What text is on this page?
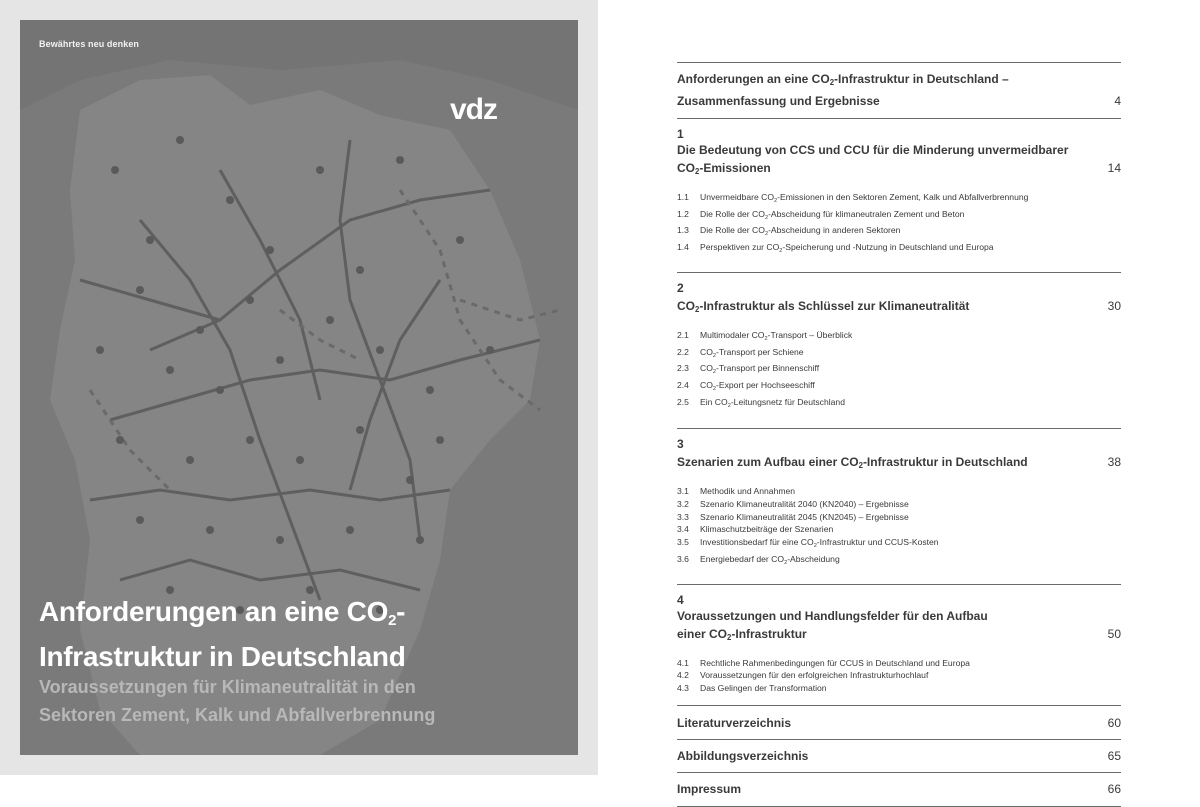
Bewährtes neu denken
vdz
Anforderungen an eine $CO_2-$
Infrastruktur in Deutschland
Voraussetzungen für Klimaneutralität in den
Sektoren Zement, Kalk und Abfallverbrennung
Anforderungen an eine $CO_2$-Infrastruktur in Deutschland –
Zusammenfassung und Ergebnisse	4
1
Die Bedeutung von CCS und CCU für die Minderung unvermeidbarer
$CO_2$-Emissionen	14
1.1	Unvermeidbare $CO_2$-Emissionen in den Sektoren Zement, Kalk und Abfallverbrennung
1.2	Die Rolle der $CO_2$-Abscheidung für klimaneutralen Zement und Beton
1.3	Die Rolle der $CO_2$-Abscheidung in anderen Sektoren
1.4	Perspektiven zur $CO_2$-Speicherung und -Nutzung in Deutschland und Europa
2
$CO_2$-Infrastruktur als Schlüssel zur Klimaneutralität	30
2.1	Multimodaler $CO_2$-Transport – Überblick
2.2	$CO_2$-Transport per Schiene
2.3	$CO_2$-Transport per Binnenschiff
2.4	$CO_2$-Export per Hochseeschiff
2.5	Ein $CO_2$-Leitungsnetz für Deutschland
3
Szenarien zum Aufbau einer $CO_2$-Infrastruktur in Deutschland	38
3.1	Methodik und Annahmen
3.2	Szenario Klimaneutralität 2040 (KN2040) – Ergebnisse
3.3	Szenario Klimaneutralität 2045 (KN2045) – Ergebnisse
3.4	Klimaschutzbeiträge der Szenarien
3.5	Investitionsbedarf für eine $CO_2$-Infrastruktur und CCUS-Kosten
3.6	Energiebedarf der $CO_2$-Abscheidung
4
Voraussetzungen und Handlungsfelder für den Aufbau
einer $CO_2$-Infrastruktur	50
4.1	Rechtliche Rahmenbedingungen für CCUS in Deutschland und Europa
4.2	Voraussetzungen für den erfolgreichen Infrastrukturhochlauf
4.3	Das Gelingen der Transformation
Literaturverzeichnis	60
Abbildungsverzeichnis	65
Impressum	66
